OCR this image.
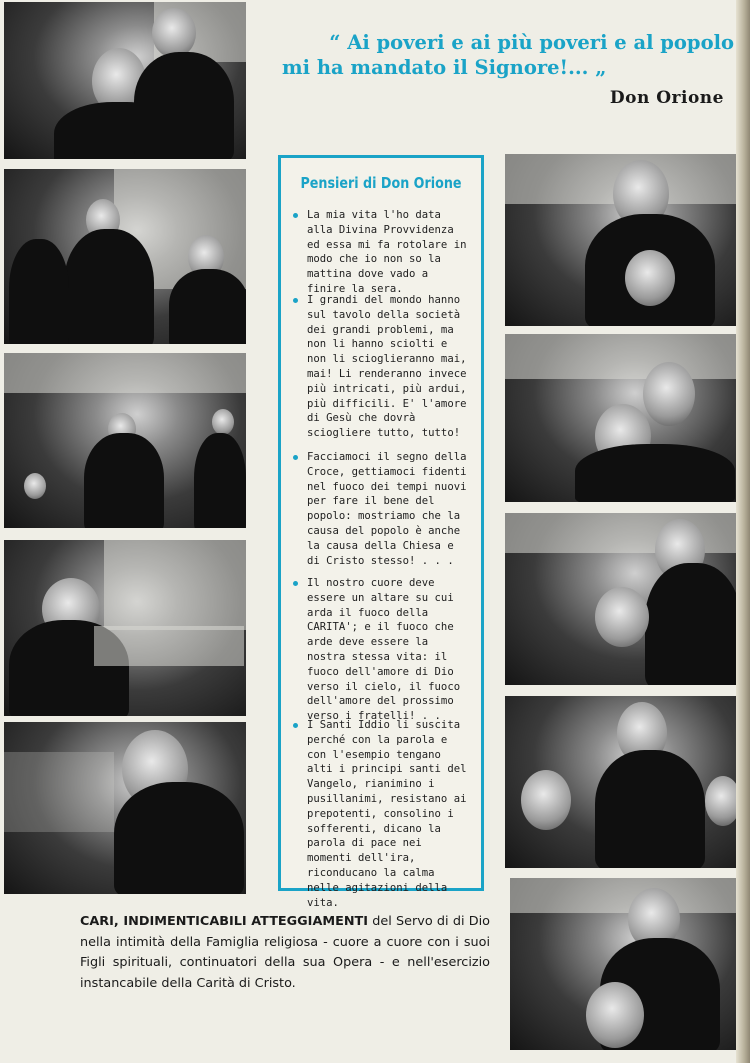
“ Ai poveri e ai più poveri e al popolo
mi ha mandato il Signore!... „
Don Orione
Pensieri di Don Orione
La mia vita l'ho data alla Divina Provvidenza ed essa mi fa rotolare in modo che io non so la mattina dove vado a finire la sera.
I grandi del mondo hanno sul tavolo della società dei grandi problemi, ma non li hanno sciolti e non li scioglieranno mai, mai! Li renderanno invece più intricati, più ardui, più difficili. E' l'amore di Gesù che dovrà sciogliere tutto, tutto!
Facciamoci il segno della Croce, gettiamoci fidenti nel fuoco dei tempi nuovi per fare il bene del popolo: mostriamo che la causa del popolo è anche la causa della Chiesa e di Cristo stesso! . . .
Il nostro cuore deve essere un altare su cui arda il fuoco della CARITA'; e il fuoco che arde deve essere la nostra stessa vita: il fuoco dell'amore di Dio verso il cielo, il fuoco dell'amore del prossimo verso i fratelli! . .
I Santi Iddio li suscita perché con la parola e con l'esempio tengano alti i principi santi del Vangelo, rianimino i pusillanimi, resistano ai prepotenti, consolino i sofferenti, dicano la parola di pace nei momenti dell'ira, riconducano la calma nelle agitazioni della vita.
CARI, INDIMENTICABILI ATTEGGIAMENTI del Servo di di Dio nella intimità della Famiglia religiosa - cuore a cuore con i suoi Figli spirituali, continuatori della sua Opera - e nell'esercizio instancabile della Carità di Cristo.
